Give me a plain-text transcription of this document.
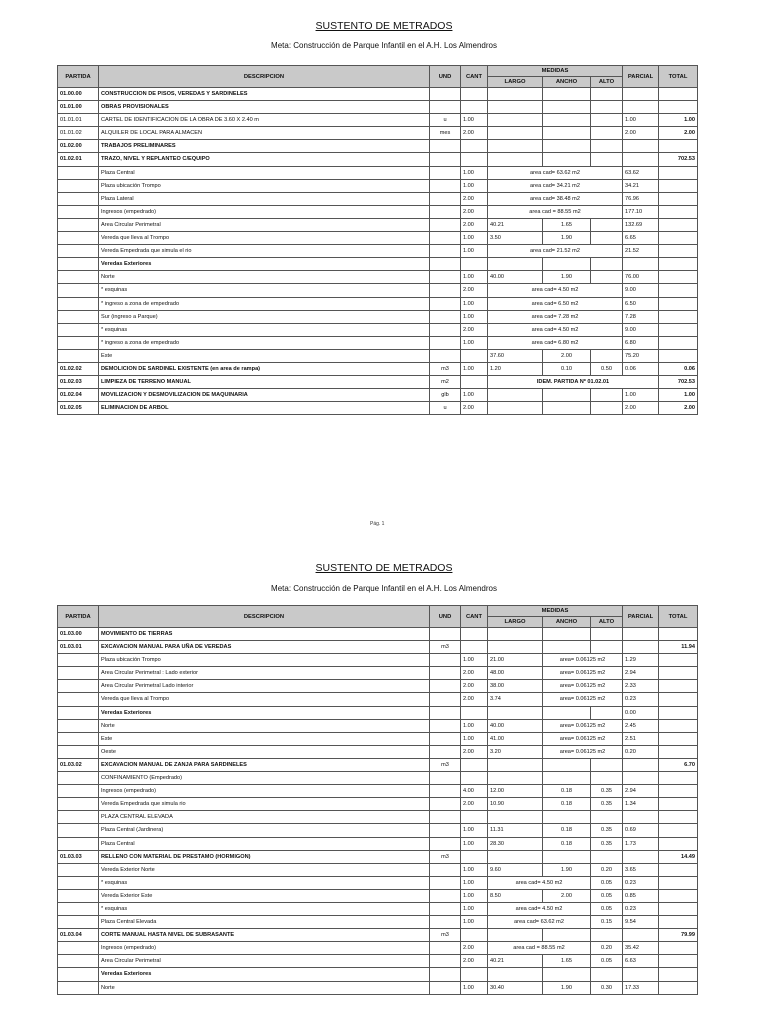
SUSTENTO DE METRADOS
Meta: Construcción de Parque Infantil en el A.H. Los Almendros
PARTIDA	DESCRIPCION	UND	CANT	MEDIDAS			PARCIAL	TOTAL
				LARGO	ANCHO	ALTO		
01.00.00	CONSTRUCCION DE PISOS, VEREDAS Y SARDINELES							
01.01.00	OBRAS PROVISIONALES							
01.01.01	CARTEL DE IDENTIFICACION DE LA OBRA DE 3.60 X 2.40 m	u	1.00				1.00	1.00
01.01.02	ALQUILER DE LOCAL PARA ALMACEN	mes	2.00				2.00	2.00
01.02.00	TRABAJOS PRELIMINARES							
01.02.01	TRAZO, NIVEL Y REPLANTEO C/EQUIPO							702.53
	Plaza Central		1.00	area cad= 63.62 m2			63.62	
	Plaza ubicación Trompo		1.00	area cad= 34.21 m2			34.21	
	Plaza Lateral		2.00	area cad= 38.48 m2			76.96	
	Ingresos (empedrado)		2.00	area cad = 88.55 m2			177.10	
	Area Circular Perimetral		2.00	40.21	1.65		132.69	
	Vereda que lleva al Trompo		1.00	3.50	1.90		6.65	
	Vereda Empedrada que simula el rio		1.00	area cad= 21.52 m2			21.52	
	Veredas Exteriores							
	Norte		1.00	40.00	1.90		76.00	
	* esquinas		2.00	area cad= 4.50 m2			9.00	
	* ingreso a zona de empedrado		1.00	area cad= 6.50 m2			6.50	
	Sur (ingreso a Parque)		1.00	area cad= 7.28 m2			7.28	
	* esquinas		2.00	area cad= 4.50 m2			9.00	
	* ingreso a zona de empedrado		1.00	area cad= 6.80 m2			6.80	
	Este			37.60	2.00		75.20	
01.02.02	DEMOLICION DE SARDINEL EXISTENTE (en area de rampa)	m3	1.00	1.20	0.10	0.50	0.06	0.06
01.02.03	LIMPIEZA DE TERRENO MANUAL	m2		IDEM. PARTIDA Nº 01.02.01				702.53
01.02.04	MOVILIZACION Y DESMOVILIZACION DE MAQUINARIA	glb	1.00				1.00	1.00
01.02.05	ELIMINACION DE ARBOL	u	2.00				2.00	2.00
Pág. 1
SUSTENTO DE METRADOS
Meta: Construcción de Parque Infantil en el A.H. Los Almendros
PARTIDA	DESCRIPCION	UND	CANT	MEDIDAS			PARCIAL	TOTAL
				LARGO	ANCHO	ALTO		
01.03.00	MOVIMIENTO DE TIERRAS							
01.03.01	EXCAVACION MANUAL PARA UÑA DE VEREDAS	m3						11.94
	Plaza ubicación Trompo		1.00	21.00	area= 0.06125 m2		1.29	
	Area Circular Perimetral : Lado exterior		2.00	48.00	area= 0.06125 m2		2.94	
	Area Circular Perimetral Lado interior		2.00	38.00	area= 0.06125 m2		2.33	
	Vereda que lleva al Trompo		2.00	3.74	area= 0.06125 m2		0.23	
	Veredas Exteriores						0.00	
	Norte		1.00	40.00	area= 0.06125 m2		2.45	
	Este		1.00	41.00	area= 0.06125 m2		2.51	
	Oeste		2.00	3.20	area= 0.06125 m2		0.20	
01.03.02	EXCAVACION MANUAL DE ZANJA PARA SARDINELES	m3						6.70
	CONFINAMIENTO (Empedrado)							
	Ingresos (empedrado)		4.00	12.00	0.18	0.35	2.94	
	Vereda Empedrada que simula rio		2.00	10.90	0.18	0.35	1.34	
	PLAZA CENTRAL ELEVADA							
	Plaza Central (Jardinera)		1.00	11.31	0.18	0.35	0.69	
	Plaza Central		1.00	28.30	0.18	0.35	1.73	
01.03.03	RELLENO CON MATERIAL DE PRESTAMO (HORMIGON)	m3						14.49
	Vereda Exterior Norte		1.00	9.60	1.90	0.20	3.65	
	* esquinas		1.00	area cad= 4.50 m2		0.05	0.23	
	Vereda Exterior Este		1.00	8.50	2.00	0.05	0.85	
	* esquinas		1.00	area cad= 4.50 m2		0.05	0.23	
	Plaza Central Elevada		1.00	area cad= 63.62 m2		0.15	9.54	
01.03.04	CORTE MANUAL HASTA NIVEL DE SUBRASANTE	m3						79.99
	Ingresos (empedrado)		2.00	area cad = 88.55 m2		0.20	35.42	
	Area Circular Perimetral		2.00	40.21	1.65	0.05	6.63	
	Veredas Exteriores							
	Norte		1.00	30.40	1.90	0.30	17.33	
